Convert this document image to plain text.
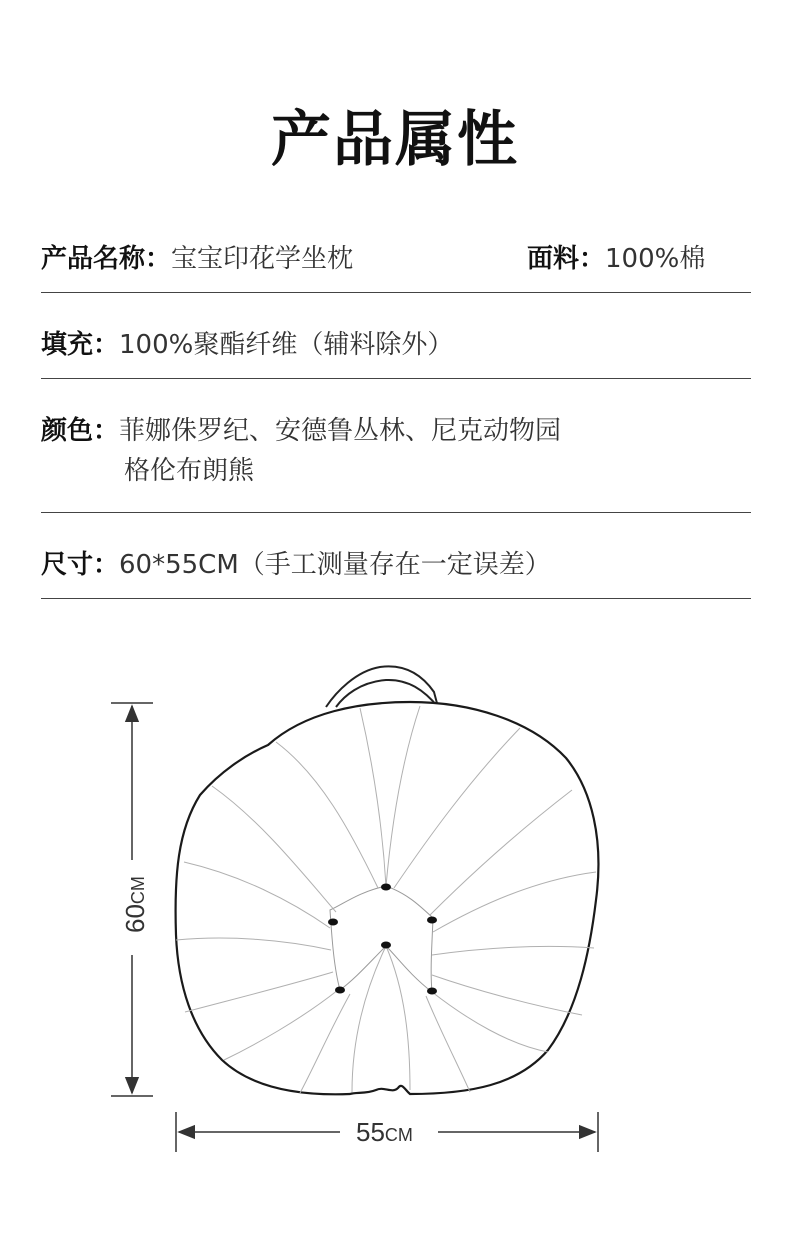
产品属性
产品名称：宝宝印花学坐枕	面料：100%棉
填充：100%聚酯纤维（辅料除外）
颜色：菲娜侏罗纪、安德鲁丛林、尼克动物园
格伦布朗熊
尺寸：60*55CM（手工测量存在一定误差）
60CM
55CM
